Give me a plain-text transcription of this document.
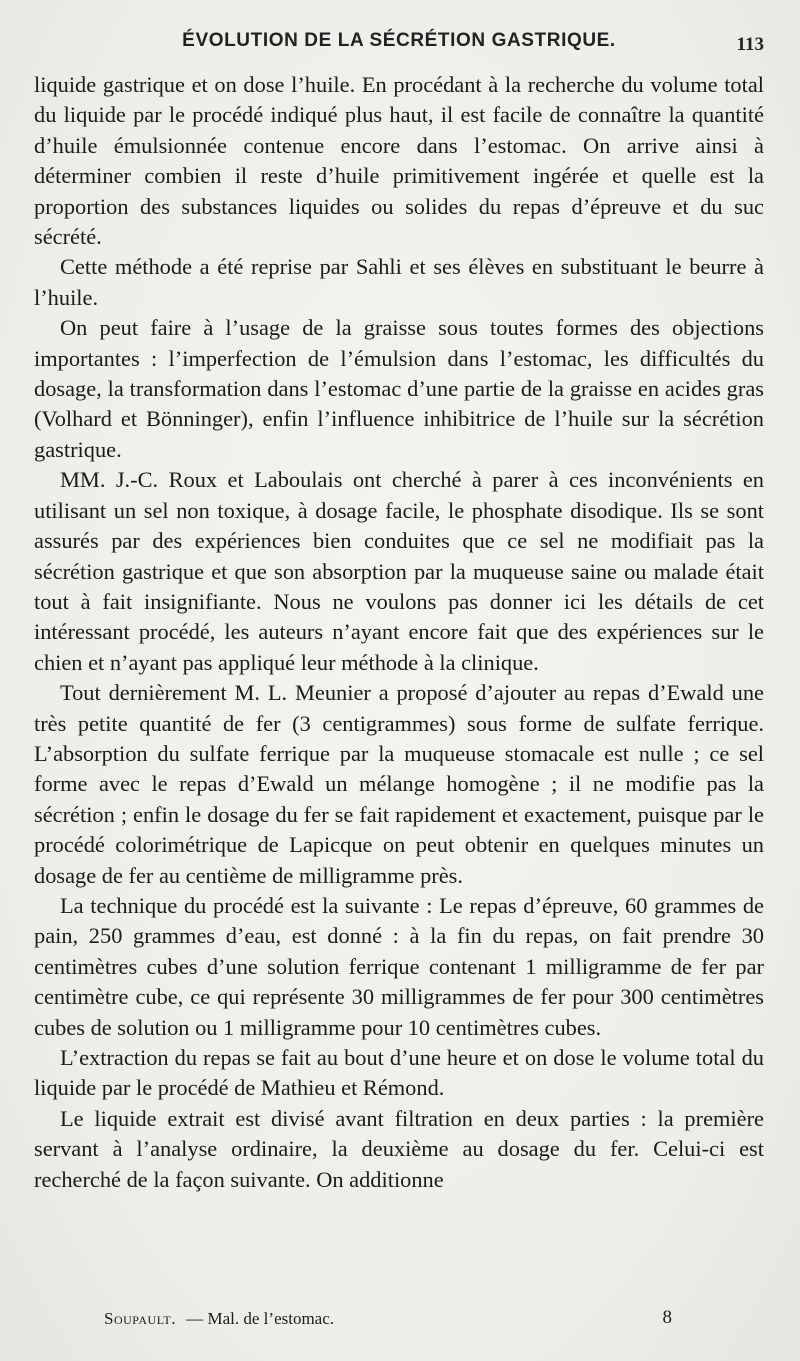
ÉVOLUTION DE LA SÉCRÉTION GASTRIQUE.	113

liquide gastrique et on dose l’huile. En procédant à la recherche du volume total du liquide par le procédé indiqué plus haut, il est facile de connaître la quantité d’huile émulsionnée contenue encore dans l’estomac. On arrive ainsi à déterminer combien il reste d’huile primitivement ingérée et quelle est la proportion des substances liquides ou solides du repas d’épreuve et du suc sécrété.

Cette méthode a été reprise par Sahli et ses élèves en substituant le beurre à l’huile.

On peut faire à l’usage de la graisse sous toutes formes des objections importantes : l’imperfection de l’émulsion dans l’estomac, les difficultés du dosage, la transformation dans l’estomac d’une partie de la graisse en acides gras (Volhard et Bönninger), enfin l’influence inhibitrice de l’huile sur la sécrétion gastrique.

MM. J.-C. Roux et Laboulais ont cherché à parer à ces inconvénients en utilisant un sel non toxique, à dosage facile, le phosphate disodique. Ils se sont assurés par des expériences bien conduites que ce sel ne modifiait pas la sécrétion gastrique et que son absorption par la muqueuse saine ou malade était tout à fait insignifiante. Nous ne voulons pas donner ici les détails de cet intéressant procédé, les auteurs n’ayant encore fait que des expériences sur le chien et n’ayant pas appliqué leur méthode à la clinique.

Tout dernièrement M. L. Meunier a proposé d’ajouter au repas d’Ewald une très petite quantité de fer (3 centigrammes) sous forme de sulfate ferrique. L’absorption du sulfate ferrique par la muqueuse stomacale est nulle ; ce sel forme avec le repas d’Ewald un mélange homogène ; il ne modifie pas la sécrétion ; enfin le dosage du fer se fait rapidement et exactement, puisque par le procédé colorimétrique de Lapicque on peut obtenir en quelques minutes un dosage de fer au centième de milligramme près.

La technique du procédé est la suivante : Le repas d’épreuve, 60 grammes de pain, 250 grammes d’eau, est donné : à la fin du repas, on fait prendre 30 centimètres cubes d’une solution ferrique contenant 1 milligramme de fer par centimètre cube, ce qui représente 30 milligrammes de fer pour 300 centimètres cubes de solution ou 1 milligramme pour 10 centimètres cubes.

L’extraction du repas se fait au bout d’une heure et on dose le volume total du liquide par le procédé de Mathieu et Rémond.

Le liquide extrait est divisé avant filtration en deux parties : la première servant à l’analyse ordinaire, la deuxième au dosage du fer. Celui-ci est recherché de la façon suivante. On additionne

Soupault. — Mal. de l’estomac.	8
